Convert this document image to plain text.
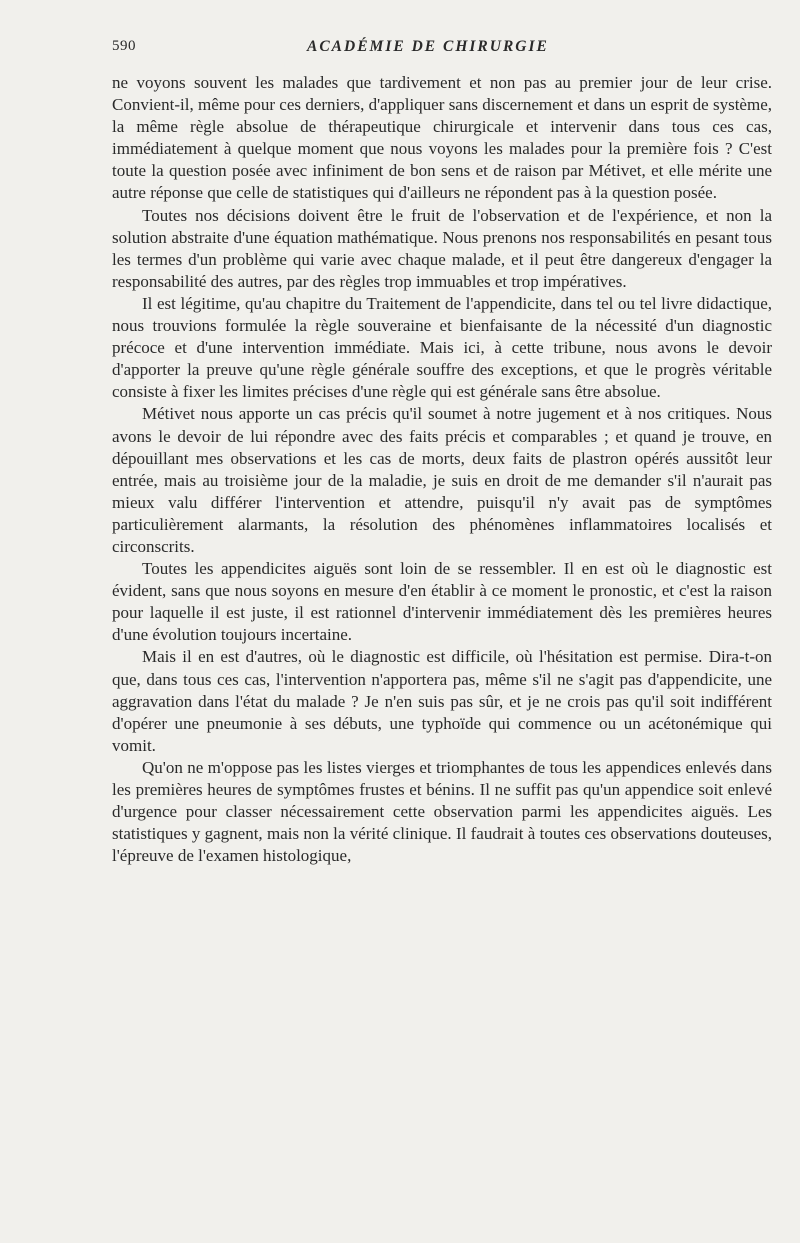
590	ACADÉMIE DE CHIRURGIE

ne voyons souvent les malades que tardivement et non pas au premier jour de leur crise. Convient-il, même pour ces derniers, d'appliquer sans discernement et dans un esprit de système, la même règle absolue de thérapeutique chirurgicale et intervenir dans tous ces cas, immédiatement à quelque moment que nous voyons les malades pour la première fois ? C'est toute la question posée avec infiniment de bon sens et de raison par Métivet, et elle mérite une autre réponse que celle de statistiques qui d'ailleurs ne répondent pas à la question posée.

Toutes nos décisions doivent être le fruit de l'observation et de l'expérience, et non la solution abstraite d'une équation mathématique. Nous prenons nos responsabilités en pesant tous les termes d'un problème qui varie avec chaque malade, et il peut être dangereux d'engager la responsabilité des autres, par des règles trop immuables et trop impératives.

Il est légitime, qu'au chapitre du Traitement de l'appendicite, dans tel ou tel livre didactique, nous trouvions formulée la règle souveraine et bienfaisante de la nécessité d'un diagnostic précoce et d'une intervention immédiate. Mais ici, à cette tribune, nous avons le devoir d'apporter la preuve qu'une règle générale souffre des exceptions, et que le progrès véritable consiste à fixer les limites précises d'une règle qui est générale sans être absolue.

Métivet nous apporte un cas précis qu'il soumet à notre jugement et à nos critiques. Nous avons le devoir de lui répondre avec des faits précis et comparables ; et quand je trouve, en dépouillant mes observations et les cas de morts, deux faits de plastron opérés aussitôt leur entrée, mais au troisième jour de la maladie, je suis en droit de me demander s'il n'aurait pas mieux valu différer l'intervention et attendre, puisqu'il n'y avait pas de symptômes particulièrement alarmants, la résolution des phénomènes inflammatoires localisés et circonscrits.

Toutes les appendicites aiguës sont loin de se ressembler. Il en est où le diagnostic est évident, sans que nous soyons en mesure d'en établir à ce moment le pronostic, et c'est la raison pour laquelle il est juste, il est rationnel d'intervenir immédiatement dès les premières heures d'une évolution toujours incertaine.

Mais il en est d'autres, où le diagnostic est difficile, où l'hésitation est permise. Dira-t-on que, dans tous ces cas, l'intervention n'apportera pas, même s'il ne s'agit pas d'appendicite, une aggravation dans l'état du malade ? Je n'en suis pas sûr, et je ne crois pas qu'il soit indifférent d'opérer une pneumonie à ses débuts, une typhoïde qui commence ou un acétonémique qui vomit.

Qu'on ne m'oppose pas les listes vierges et triomphantes de tous les appendices enlevés dans les premières heures de symptômes frustes et bénins. Il ne suffit pas qu'un appendice soit enlevé d'urgence pour classer nécessairement cette observation parmi les appendicites aiguës. Les statistiques y gagnent, mais non la vérité clinique. Il faudrait à toutes ces observations douteuses, l'épreuve de l'examen histologique,
